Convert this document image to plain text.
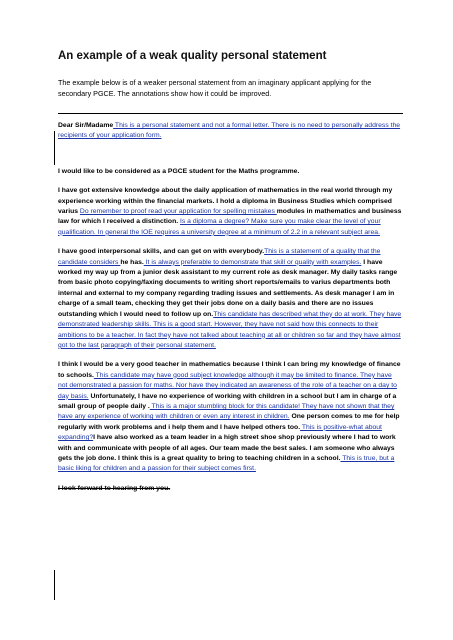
An example of a weak quality personal statement

The example below is of a weaker personal statement from an imaginary applicant applying for the secondary PGCE. The annotations show how it could be improved.

Dear Sir/Madame This is a personal statement and not a formal letter. There is no need to personally address the recipients of your application form.

I would like to be considered as a PGCE student for the Maths programme.

I have got extensive knowledge about the daily application of mathematics in the real world through my experience working within the financial markets. I hold a diploma in Business Studies which comprised varius Do remember to proof read your application for spelling mistakes modules in mathematics and business law for which I received a distinction. Is a diploma a degree? Make sure you make clear the level of your qualification. In general the IOE requires a university degree at a minimum of 2.2 in a relevant subject area.

I have good interpersonal skills, and can get on with everybody.This is a statement of a quality that the candidate considers he has. It is always preferable to demonstrate that skill or quality with examples. I have worked my way up from a junior desk assistant to my current role as desk manager. My daily tasks range from basic photo copying/faxing documents to writing short reports/emails to varius departments both internal and external to my company regarding trading issues and settlements. As desk manager I am in charge of a small team, checking they get their jobs done on a daily basis and there are no issues outstanding which I would need to follow up on.This candidate has described what they do at work. They have demonstrated leadership skills. This is a good start. However, they have not said how this connects to their ambitions to be a teacher. In fact they have not talked about teaching at all or children so far and they have almost got to the last paragraph of their personal statement.

I think I would be a very good teacher in mathematics because I think I can bring my knowledge of finance to schools. This candidate may have good subject knowledge although it may be limited to finance. They have not demonstrated a passion for maths. Nor have they indicated an awareness of the role of a teacher on a day to day basis. Unfortunately, I have no experience of working with children in a school but I am in charge of a small group of people daily . This is a major stumbling block for this candidate! They have not shown that they have any experience of working with children or even any interest in children. One person comes to me for help regularly with work problems and i help them and I have helped others too. This is positive-what about expanding?I have also worked as a team leader in a high street shoe shop previously where I had to work with and communicate with people of all ages. Our team made the best sales. I am someone who always gets the job done. I think this is a great quality to bring to teaching children in a school. This is true, but a basic liking for children and a passion for their subject comes first.

I look forward to hearing from you.
